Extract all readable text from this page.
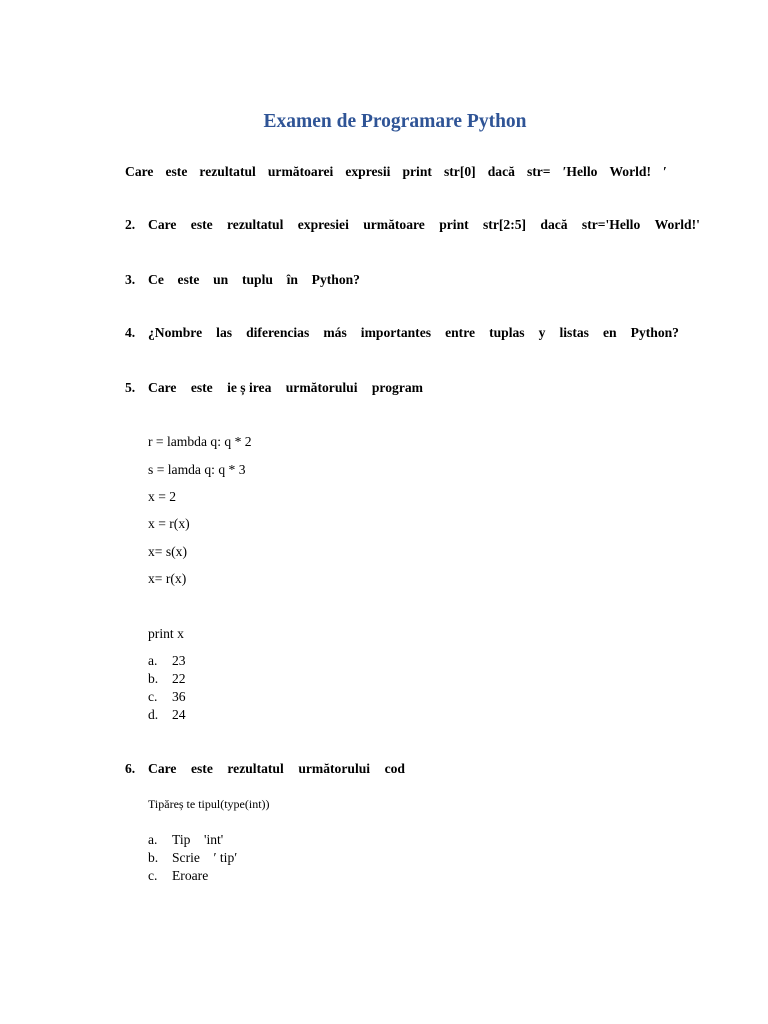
Examen de Programare Python
Care este rezultatul următoarei expresii print str[0] dacă str= ′Hello World! ′
2. Care este rezultatul expresiei următoare print str[2:5] dacă str='Hello World!'
3. Ce este un tuplu în Python?
4. ¿Nombre las diferencias más importantes entre tuplas y listas en Python?
5. Care este ie ș irea următorului program
r = lambda q: q * 2
s = lamda q: q * 3
x = 2
x = r(x)
x= s(x)
x= r(x)
print x
a. 23
b. 22
c. 36
d. 24
6. Care este rezultatul următorului cod
Tipăreș te tipul(type(int))
a. Tip    'int'
b. Scrie    ′ tip′
c. Eroare
